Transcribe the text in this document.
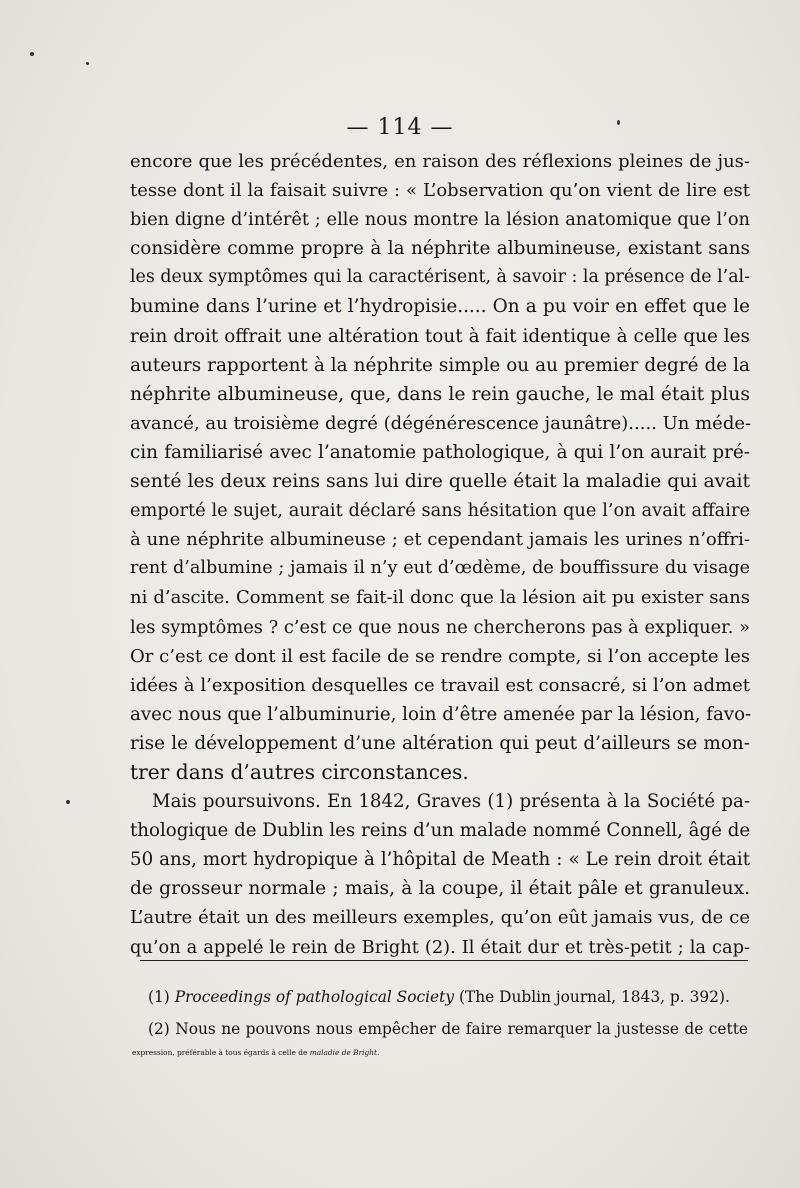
— 114 —
encore que les précédentes, en raison des réflexions pleines de jus-
tesse dont il la faisait suivre : « L’observation qu’on vient de lire est
bien digne d’intérêt ; elle nous montre la lésion anatomique que l’on
considère comme propre à la néphrite albumineuse, existant sans
les deux symptômes qui la caractérisent, à savoir : la présence de l’al-
bumine dans l’urine et l’hydropisie..... On a pu voir en effet que le
rein droit offrait une altération tout à fait identique à celle que les
auteurs rapportent à la néphrite simple ou au premier degré de la
néphrite albumineuse, que, dans le rein gauche, le mal était plus
avancé, au troisième degré (dégénérescence jaunâtre)..... Un méde-
cin familiarisé avec l’anatomie pathologique, à qui l’on aurait pré-
senté les deux reins sans lui dire quelle était la maladie qui avait
emporté le sujet, aurait déclaré sans hésitation que l’on avait affaire
à une néphrite albumineuse ; et cependant jamais les urines n’offri-
rent d’albumine ; jamais il n’y eut d’œdème, de bouffissure du visage
ni d’ascite. Comment se fait-il donc que la lésion ait pu exister sans
les symptômes ? c’est ce que nous ne chercherons pas à expliquer. »
Or c’est ce dont il est facile de se rendre compte, si l’on accepte les
idées à l’exposition desquelles ce travail est consacré, si l’on admet
avec nous que l’albuminurie, loin d’être amenée par la lésion, favo-
rise le développement d’une altération qui peut d’ailleurs se mon-
trer dans d’autres circonstances.
Mais poursuivons. En 1842, Graves (1) présenta à la Société pa-
thologique de Dublin les reins d’un malade nommé Connell, âgé de
50 ans, mort hydropique à l’hôpital de Meath : « Le rein droit était
de grosseur normale ; mais, à la coupe, il était pâle et granuleux.
L’autre était un des meilleurs exemples, qu’on eût jamais vus, de ce
qu’on a appelé le rein de Bright (2). Il était dur et très-petit ; la cap-
(1) Proceedings of pathological Society (The Dublin journal, 1843, p. 392).
(2) Nous ne pouvons nous empêcher de faire remarquer la justesse de cette
expression, préférable à tous égards à celle de maladie de Bright.
